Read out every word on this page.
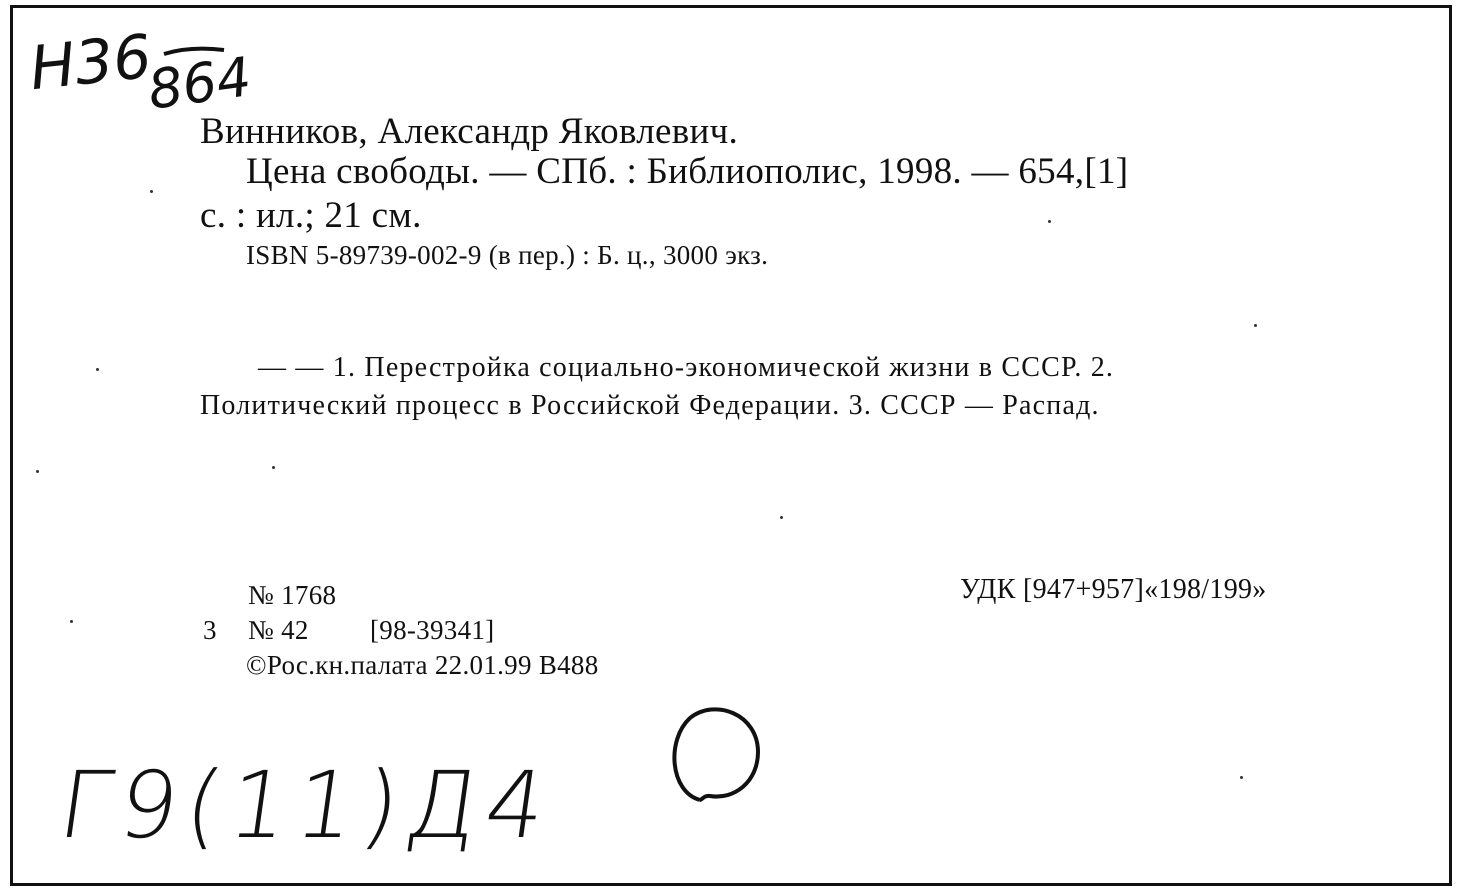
Н36
864
Винников, Александр Яковлевич.
Цена свободы. — СПб. : Библиополис, 1998. — 654,[1]
с. : ил.; 21 см.
ISBN 5-89739-002-9 (в пер.) : Б. ц., 3000 экз.
— — 1. Перестройка социально-экономической жизни в СССР. 2.
Политический процесс в Российской Федерации. 3. СССР — Распад.
№ 1768
3 № 42 [98-39341]
©Рос.кн.палата 22.01.99 В488
УДК [947+957]«198/199»
Г9(11)Д4
